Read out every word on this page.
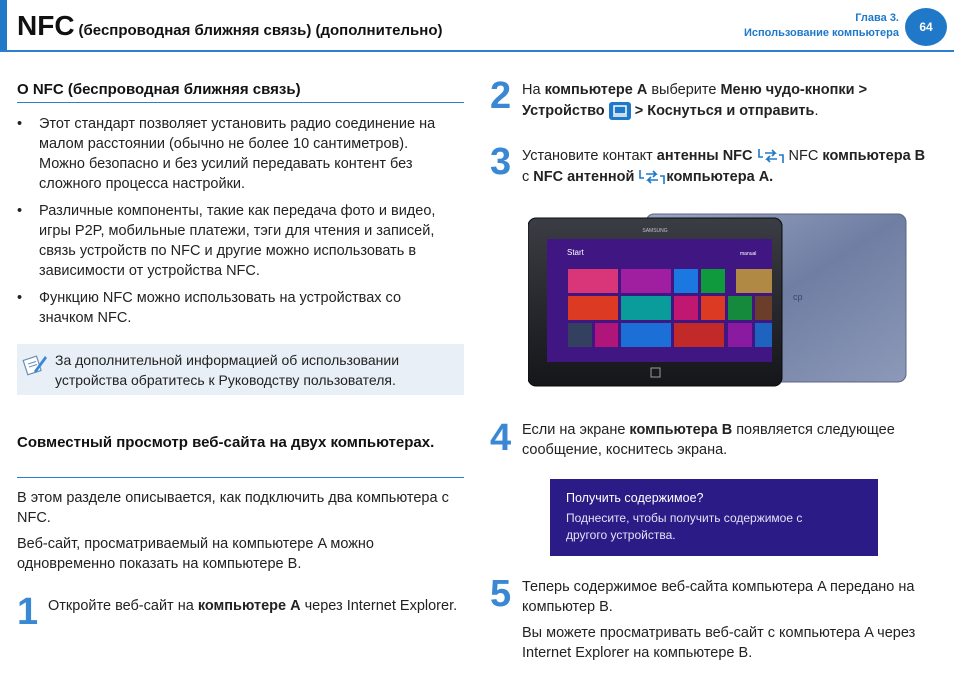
NFC (беспроводная ближняя связь) (дополнительно)
Глава 3.
Использование компьютера	64
О NFC (беспроводная ближняя связь)
• Этот стандарт позволяет установить радио соединение на малом расстоянии (обычно не более 10 сантиметров). Можно безопасно и без усилий передавать контент без сложного процесса настройки.
• Различные компоненты, такие как передача фото и видео, игры P2P, мобильные платежи, тэги для чтения и записей, связь устройств по NFC и другие можно использовать в зависимости от устройства NFC.
• Функцию NFC можно использовать на устройствах со значком NFC.
За дополнительной информацией об использовании устройства обратитесь к Руководству пользователя.
Совместный просмотр веб-сайта на двух компьютерах.
В этом разделе описывается, как подключить два компьютера с NFC.
Веб-сайт, просматриваемый на компьютере A можно одновременно показать на компьютере B.
1 Откройте веб-сайт на компьютере A через Internet Explorer.
2 На компьютере A выберите Меню чудо-кнопки > Устройство > Коснуться и отправить.
3 Установите контакт антенны NFC  NFC компьютера B
с NFC антенной компьютера A.
cp
SAMSUNG
Start	manual
4 Если на экране компьютера B появляется следующее сообщение, коснитесь экрана.
Получить содержимое?
Поднесите, чтобы получить содержимое с другого устройства.
5 Теперь содержимое веб-сайта компьютера A передано на компьютер B.
Вы можете просматривать веб-сайт с компьютера A через Internet Explorer на компьютере B.
